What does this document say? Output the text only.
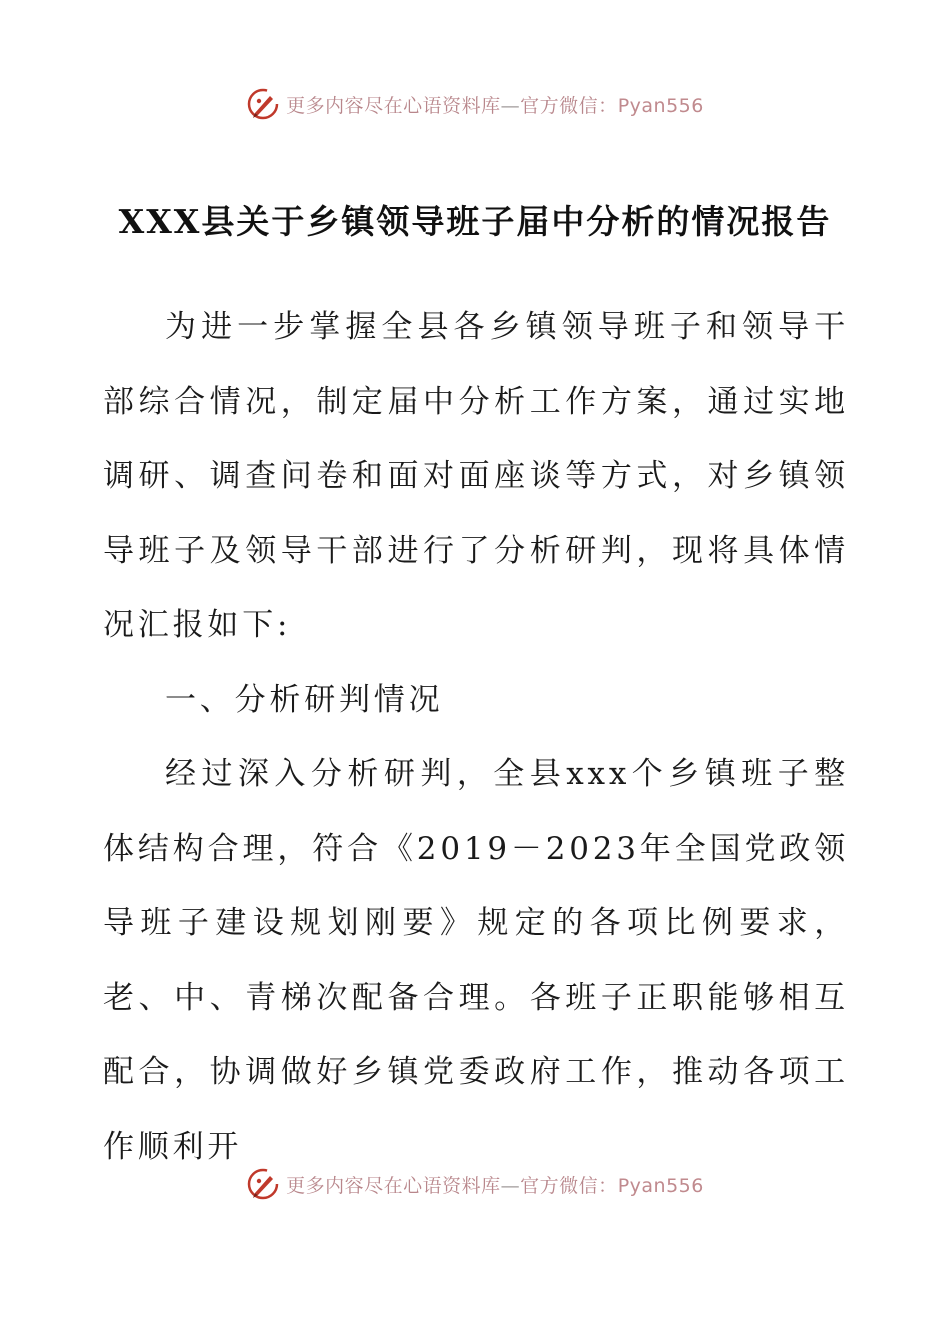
更多内容尽在心语资料库—官方微信：Pyan556
XXX县关于乡镇领导班子届中分析的情况报告

为进一步掌握全县各乡镇领导班子和领导干部综合情况，制定届中分析工作方案，通过实地调研、调查问卷和面对面座谈等方式，对乡镇领导班子及领导干部进行了分析研判，现将具体情况汇报如下:

一、分析研判情况

经过深入分析研判，全县xxx个乡镇班子整体结构合理，符合《2019－2023年全国党政领导班子建设规划刚要》规定的各项比例要求，老、中、青梯次配备合理。各班子正职能够相互配合，协调做好乡镇党委政府工作，推动各项工作顺利开

更多内容尽在心语资料库—官方微信：Pyan556
